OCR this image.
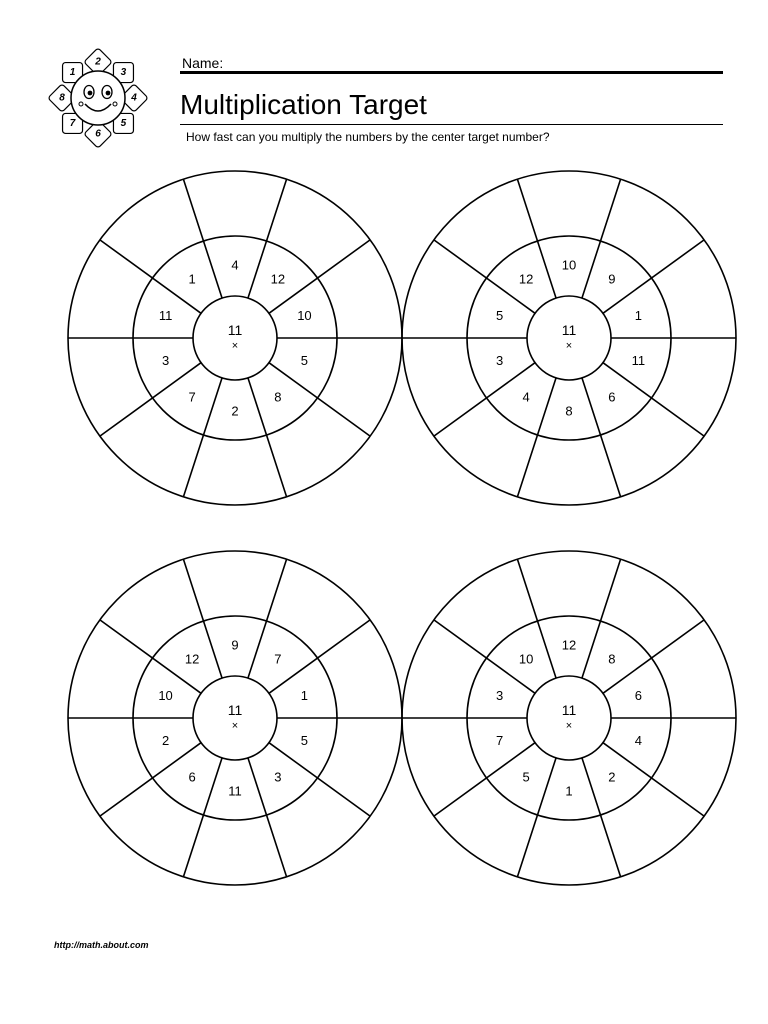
2
3
4
5
6
7
8
1
Name:
Multiplication Target
How fast can you multiply the numbers by the center target number?
4
12
10
5
8
2
7
3
11
1
11
×
10
9
1
11
6
8
4
3
5
12
11
×
9
7
1
5
3
11
6
2
10
12
11
×
12
8
6
4
2
1
5
7
3
10
11
×
http://math.about.com
